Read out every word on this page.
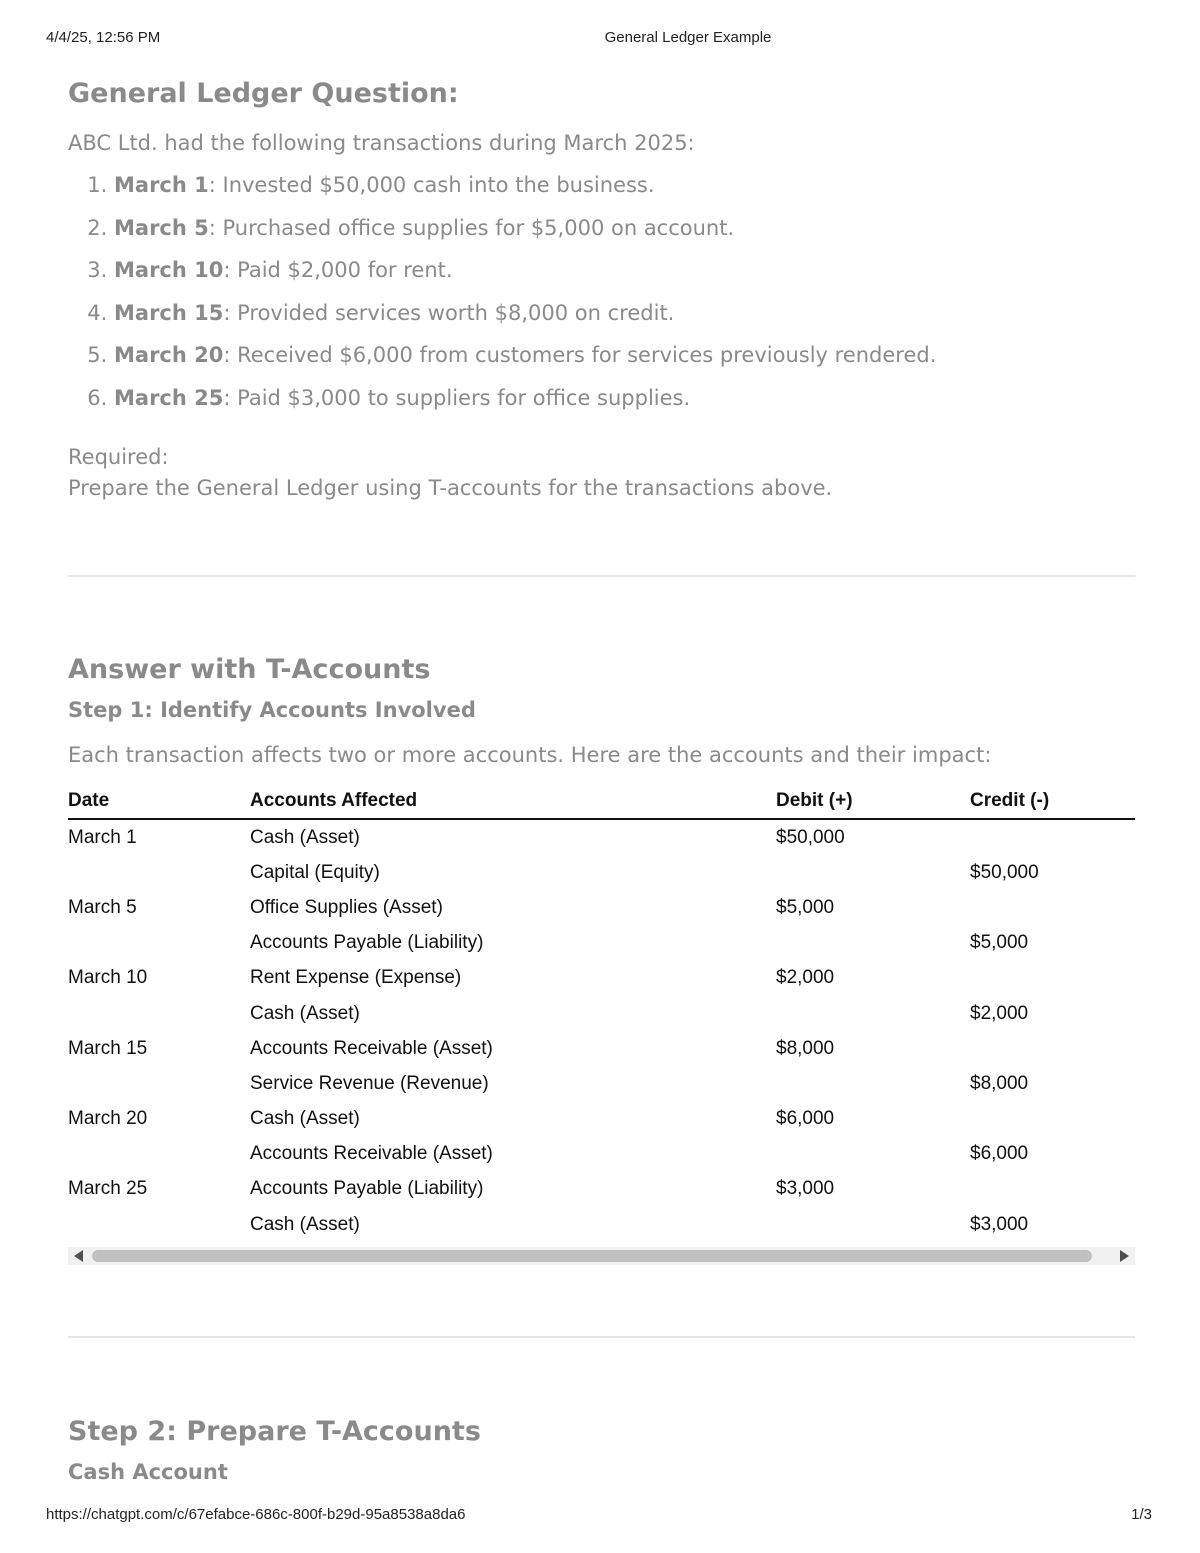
4/4/25, 12:56 PM	General Ledger Example
General Ledger Question:

ABC Ltd. had the following transactions during March 2025:

1. March 1: Invested $50,000 cash into the business.
2. March 5: Purchased office supplies for $5,000 on account.
3. March 10: Paid $2,000 for rent.
4. March 15: Provided services worth $8,000 on credit.
5. March 20: Received $6,000 from customers for services previously rendered.
6. March 25: Paid $3,000 to suppliers for office supplies.
Required:
Prepare the General Ledger using T-accounts for the transactions above.
Answer with T-Accounts
Step 1: Identify Accounts Involved

Each transaction affects two or more accounts. Here are the accounts and their impact:

Date	Accounts Affected	Debit (+)	Credit (-)
March 1	Cash (Asset)	$50,000	
	Capital (Equity)		$50,000
March 5	Office Supplies (Asset)	$5,000	
	Accounts Payable (Liability)		$5,000
March 10	Rent Expense (Expense)	$2,000	
	Cash (Asset)		$2,000
March 15	Accounts Receivable (Asset)	$8,000	
	Service Revenue (Revenue)		$8,000
March 20	Cash (Asset)	$6,000	
	Accounts Receivable (Asset)		$6,000
March 25	Accounts Payable (Liability)	$3,000	
	Cash (Asset)		$3,000
Step 2: Prepare T-Accounts
Cash Account
https://chatgpt.com/c/67efabce-686c-800f-b29d-95a8538a8da6	1/3
